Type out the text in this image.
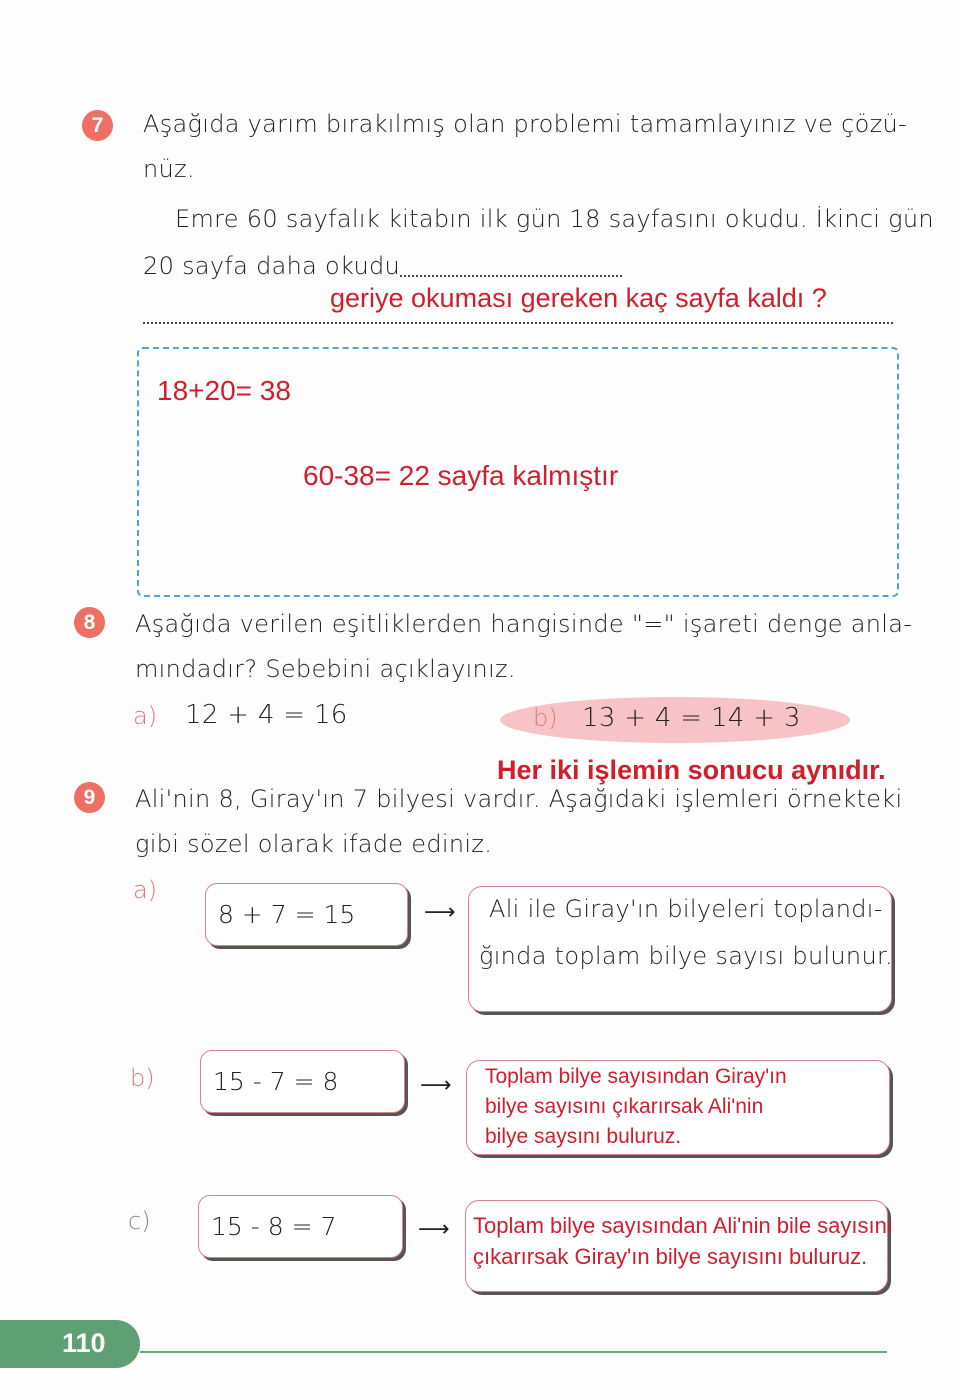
7	Aşağıda yarım bırakılmış olan problemi tamamlayınız ve çözü-
nüz.
Emre 60 sayfalık kitabın ilk gün 18 sayfasını okudu. İkinci gün
20 sayfa daha okudu
geriye okuması gereken kaç sayfa kaldı ?
18+20= 38
60-38= 22 sayfa kalmıştır
8	Aşağıda verilen eşitliklerden hangisinde "=" işareti denge anla-
mındadır? Sebebini açıklayınız.
a) 12 + 4 = 16	b) 13 + 4 = 14 + 3
Her iki işlemin sonucu aynıdır.
9	Ali'nin 8, Giray'ın 7 bilyesi vardır. Aşağıdaki işlemleri örnekteki
gibi sözel olarak ifade ediniz.
a)
8 + 7 = 15	⟶ Ali ile Giray'ın bilyeleri toplandı-
ğında toplam bilye sayısı bulunur.
b) 15 - 7 = 8	⟶ Toplam bilye sayısından Giray'ın
bilye sayısını çıkarırsak Ali'nin
bilye saysını buluruz.
c) 15 - 8 = 7	⟶ Toplam bilye sayısından Ali'nin bile sayısını
çıkarırsak Giray'ın bilye sayısını buluruz.
110
